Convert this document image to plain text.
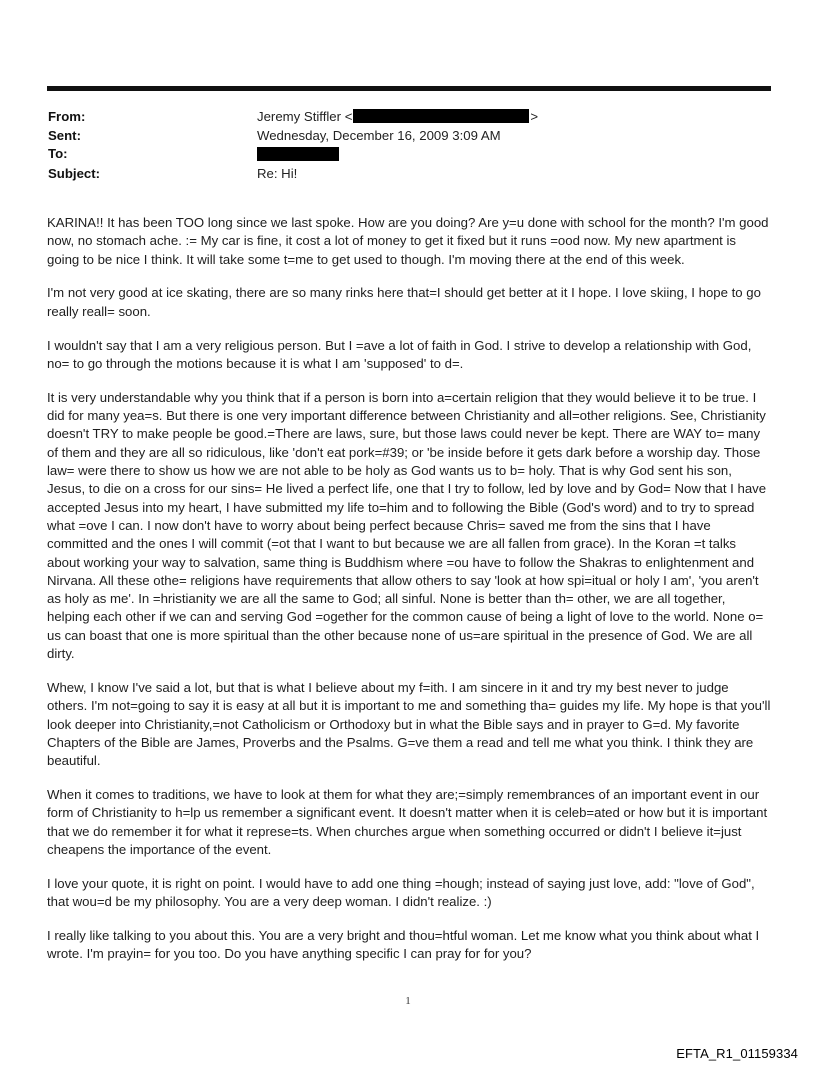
From:	Jeremy Stiffler <	>
Sent:	Wednesday, December 16, 2009 3:09 AM
To:
Subject:	Re: Hi!

KARINA!! It has been TOO long since we last spoke. How are you doing? Are y=u done with school for the month? I'm good now, no stomach ache. := My car is fine, it cost a lot of money to get it fixed but it runs =ood now. My new apartment is going to be nice I think. It will take some t=me to get used to though. I'm moving there at the end of this week.

I'm not very good at ice skating, there are so many rinks here that=I should get better at it I hope. I love skiing, I hope to go really reall= soon.

I wouldn't say that I am a very religious person. But I =ave a lot of faith in God. I strive to develop a relationship with God, no= to go through the motions because it is what I am 'supposed' to d=.

It is very understandable why you think that if a person is born into a=certain religion that they would believe it to be true. I did for many yea=s. But there is one very important difference between Christianity and all=other religions. See, Christianity doesn't TRY to make people be good.=There are laws, sure, but those laws could never be kept. There are WAY to= many of them and they are all so ridiculous, like 'don't eat pork=#39; or 'be inside before it gets dark before a worship day. Those law= were there to show us how we are not able to be holy as God wants us to b= holy. That is why God sent his son, Jesus, to die on a cross for our sins= He lived a perfect life, one that I try to follow, led by love and by God= Now that I have accepted Jesus into my heart, I have submitted my life to=him and to following the Bible (God's word) and to try to spread what =ove I can. I now don't have to worry about being perfect because Chris= saved me from the sins that I have committed and the ones I will commit (=ot that I want to but because we are all fallen from grace). In the Koran =t talks about working your way to salvation, same thing is Buddhism where =ou have to follow the Shakras to enlightenment and Nirvana. All these othe= religions have requirements that allow others to say 'look at how spi=itual or holy I am', 'you aren't as holy as me'. In =hristianity we are all the same to God; all sinful. None is better than th= other, we are all together, helping each other if we can and serving God =ogether for the common cause of being a light of love to the world. None o= us can boast that one is more spiritual than the other because none of us=are spiritual in the presence of God. We are all dirty.

Whew, I know I've said a lot, but that is what I believe about my f=ith. I am sincere in it and try my best never to judge others. I'm not=going to say it is easy at all but it is important to me and something tha= guides my life. My hope is that you'll look deeper into Christianity,=not Catholicism or Orthodoxy but in what the Bible says and in prayer to G=d. My favorite Chapters of the Bible are James, Proverbs and the Psalms. G=ve them a read and tell me what you think. I think they are beautiful.

When it comes to traditions, we have to look at them for what they are;=simply remembrances of an important event in our form of Christianity to h=lp us remember a significant event. It doesn't matter when it is celeb=ated or how but it is important that we do remember it for what it represe=ts. When churches argue when something occurred or didn't I believe it=just cheapens the importance of the event.

I love your quote, it is right on point. I would have to add one thing =hough; instead of saying just love, add: "love of God", that wou=d be my philosophy. You are a very deep woman. I didn't realize. :)

I really like talking to you about this. You are a very bright and thou=htful woman. Let me know what you think about what I wrote. I'm prayin= for you too. Do you have anything specific I can pray for for you?

1
EFTA_R1_01159334
